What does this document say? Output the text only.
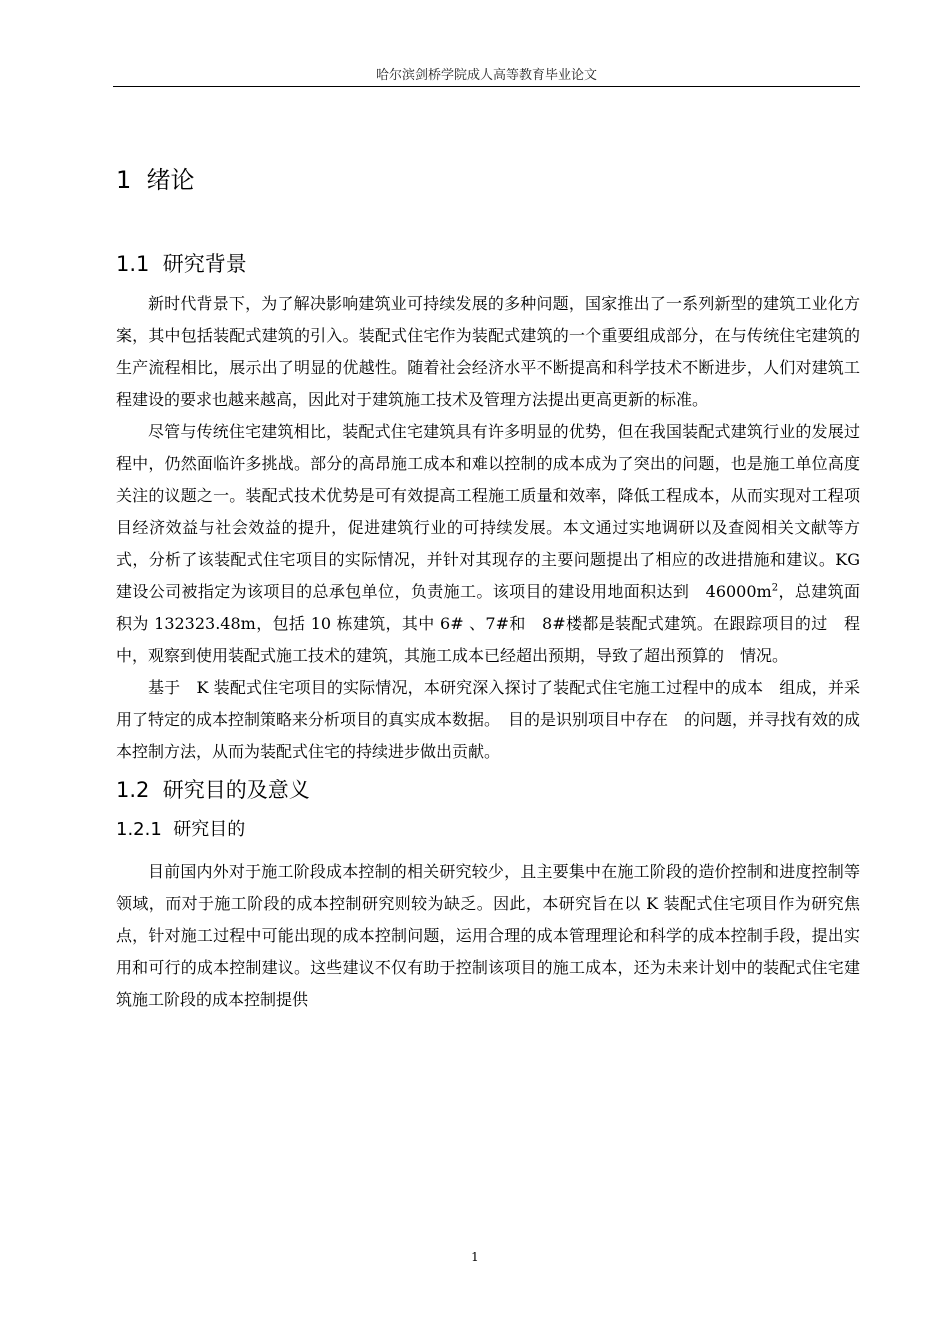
哈尔滨剑桥学院成人高等教育毕业论文
1 绪论
1.1 研究背景

新时代背景下，为了解决影响建筑业可持续发展的多种问题，国家推出了一系列新型的建筑工业化方案，其中包括装配式建筑的引入。装配式住宅作为装配式建筑的一个重要组成部分，在与传统住宅建筑的生产流程相比，展示出了明显的优越性。随着社会经济水平不断提高和科学技术不断进步，人们对建筑工程建设的要求也越来越高，因此对于建筑施工技术及管理方法提出更高更新的标准。

尽管与传统住宅建筑相比，装配式住宅建筑具有许多明显的优势，但在我国装配式建筑行业的发展过程中，仍然面临许多挑战。部分的高昂施工成本和难以控制的成本成为了突出的问题，也是施工单位高度关注的议题之一。装配式技术优势是可有效提高工程施工质量和效率，降低工程成本，从而实现对工程项目经济效益与社会效益的提升，促进建筑行业的可持续发展。本文通过实地调研以及查阅相关文献等方式，分析了该装配式住宅项目的实际情况，并针对其现存的主要问题提出了相应的改进措施和建议。KG 建设公司被指定为该项目的总承包单位，负责施工。该项目的建设用地面积达到　$46000m^2$，总建筑面　积为 132323.48m，包括 10 栋建筑，其中 6# 、7#和　8#楼都是装配式建筑。在跟踪项目的过　程中，观察到使用装配式施工技术的建筑，其施工成本已经超出预期，导致了超出预算的　情况。

基于　K 装配式住宅项目的实际情况，本研究深入探讨了装配式住宅施工过程中的成本　组成，并采用了特定的成本控制策略来分析项目的真实成本数据。　目的是识别项目中存在　的问题，并寻找有效的成本控制方法，从而为装配式住宅的持续进步做出贡献。

1.2 研究目的及意义
1.2.1 研究目的

目前国内外对于施工阶段成本控制的相关研究较少，且主要集中在施工阶段的造价控制和进度控制等领域，而对于施工阶段的成本控制研究则较为缺乏。因此，本研究旨在以 K 装配式住宅项目作为研究焦点，针对施工过程中可能出现的成本控制问题，运用合理的成本管理理论和科学的成本控制手段，提出实用和可行的成本控制建议。这些建议不仅有助于控制该项目的施工成本，还为未来计划中的装配式住宅建筑施工阶段的成本控制提供

1
